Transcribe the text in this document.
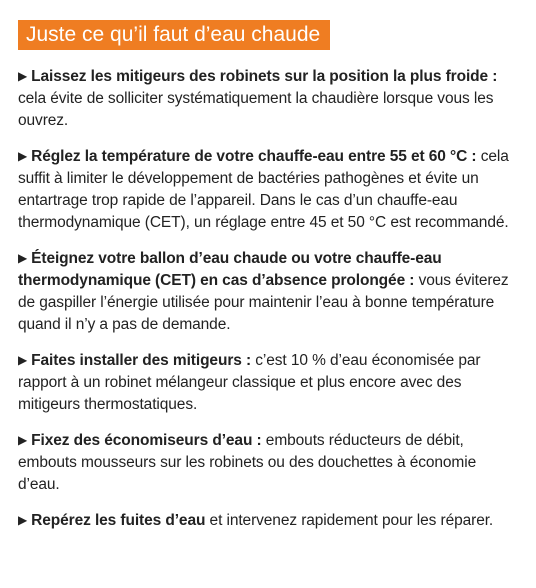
Juste ce qu’il faut d’eau chaude

▶ Laissez les mitigeurs des robinets sur la position la plus froide : cela évite de solliciter systématiquement la chaudière lorsque vous les ouvrez.

▶ Réglez la température de votre chauffe-eau entre 55 et 60 °C : cela suffit à limiter le développement de bactéries pathogènes et évite un entartrage trop rapide de l’appareil. Dans le cas d’un chauffe-eau thermodynamique (CET), un réglage entre 45 et 50 °C est recommandé.

▶ Éteignez votre ballon d’eau chaude ou votre chauffe-eau thermodynamique (CET) en cas d’absence prolongée : vous éviterez de gaspiller l’énergie utilisée pour maintenir l’eau à bonne température quand il n’y a pas de demande.

▶ Faites installer des mitigeurs : c’est 10 % d’eau économisée par rapport à un robinet mélangeur classique et plus encore avec des mitigeurs thermostatiques.

▶ Fixez des économiseurs d’eau : embouts réducteurs de débit, embouts mousseurs sur les robinets ou des douchettes à économie d’eau.

▶ Repérez les fuites d’eau et intervenez rapidement pour les réparer.
